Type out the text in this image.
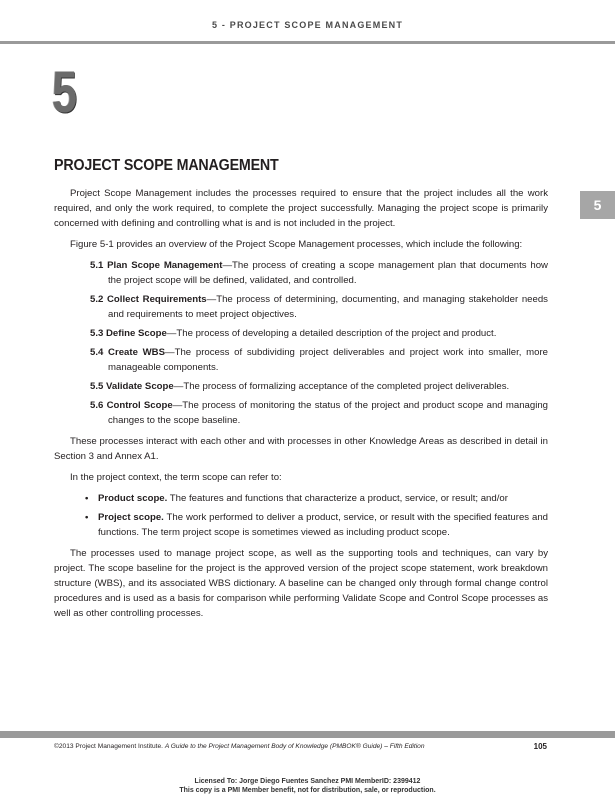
5 - PROJECT SCOPE MANAGEMENT
5
PROJECT SCOPE MANAGEMENT
5

Project Scope Management includes the processes required to ensure that the project includes all the work required, and only the work required, to complete the project successfully. Managing the project scope is primarily concerned with defining and controlling what is and is not included in the project.

Figure 5-1 provides an overview of the Project Scope Management processes, which include the following:

5.1 Plan Scope Management—The process of creating a scope management plan that documents how the project scope will be defined, validated, and controlled.
5.2 Collect Requirements—The process of determining, documenting, and managing stakeholder needs and requirements to meet project objectives.
5.3 Define Scope—The process of developing a detailed description of the project and product.
5.4 Create WBS—The process of subdividing project deliverables and project work into smaller, more manageable components.
5.5 Validate Scope—The process of formalizing acceptance of the completed project deliverables.
5.6 Control Scope—The process of monitoring the status of the project and product scope and managing changes to the scope baseline.

These processes interact with each other and with processes in other Knowledge Areas as described in detail in Section 3 and Annex A1.

In the project context, the term scope can refer to:

• Product scope. The features and functions that characterize a product, service, or result; and/or
• Project scope. The work performed to deliver a product, service, or result with the specified features and functions. The term project scope is sometimes viewed as including product scope.

The processes used to manage project scope, as well as the supporting tools and techniques, can vary by project. The scope baseline for the project is the approved version of the project scope statement, work breakdown structure (WBS), and its associated WBS dictionary. A baseline can be changed only through formal change control procedures and is used as a basis for comparison while performing Validate Scope and Control Scope processes as well as other controlling processes.

©2013 Project Management Institute. A Guide to the Project Management Body of Knowledge (PMBOK® Guide) – Fifth Edition	105
Licensed To: Jorge Diego Fuentes Sanchez PMI MemberID: 2399412
This copy is a PMI Member benefit, not for distribution, sale, or reproduction.
